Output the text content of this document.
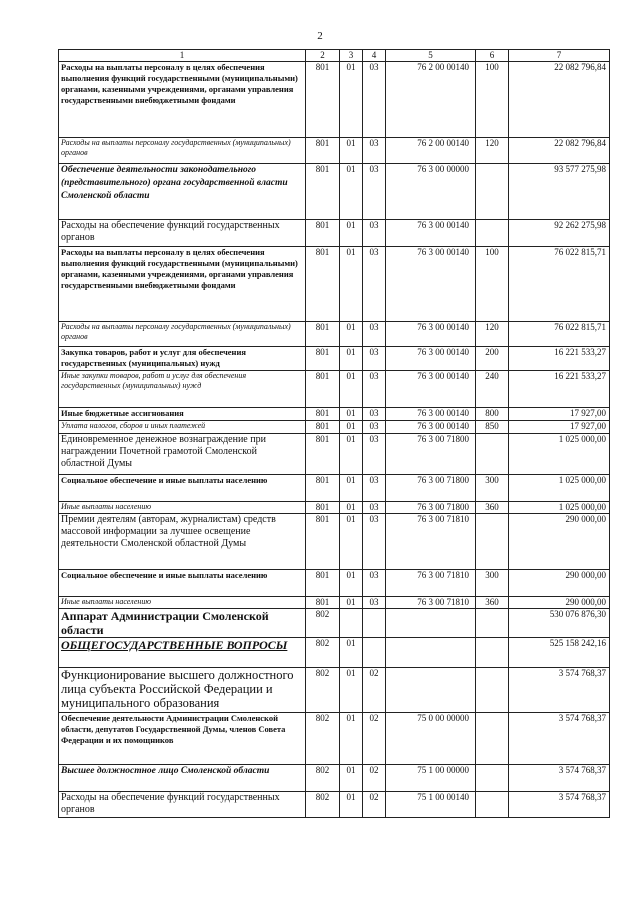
2
1	2	3	4	5	6	7
Расходы на выплаты персоналу в целях обеспечения выполнения функций государственными (муниципальными) органами, казенными учреждениями, органами управления государственными внебюджетными фондами	801	01	03	76 2 00 00140	100	22 082 796,84
Расходы на выплаты персоналу государственных (муниципальных) органов	801	01	03	76 2 00 00140	120	22 082 796,84
Обеспечение деятельности законодательного (представительного) органа государственной власти Смоленской области	801	01	03	76 3 00 00000		93 577 275,98
Расходы на обеспечение функций государственных органов	801	01	03	76 3 00 00140		92 262 275,98
Расходы на выплаты персоналу в целях обеспечения выполнения функций государственными (муниципальными) органами, казенными учреждениями, органами управления государственными внебюджетными фондами	801	01	03	76 3 00 00140	100	76 022 815,71
Расходы на выплаты персоналу государственных (муниципальных) органов	801	01	03	76 3 00 00140	120	76 022 815,71
Закупка товаров, работ и услуг для обеспечения государственных (муниципальных) нужд	801	01	03	76 3 00 00140	200	16 221 533,27
Иные закупки товаров, работ и услуг для обеспечения государственных (муниципальных) нужд	801	01	03	76 3 00 00140	240	16 221 533,27
Иные бюджетные ассигнования	801	01	03	76 3 00 00140	800	17 927,00
Уплата налогов, сборов и иных платежей	801	01	03	76 3 00 00140	850	17 927,00
Единовременное денежное вознаграждение при награждении Почетной грамотой Смоленской областной Думы	801	01	03	76 3 00 71800		1 025 000,00
Социальное обеспечение и иные выплаты населению	801	01	03	76 3 00 71800	300	1 025 000,00
Иные выплаты населению	801	01	03	76 3 00 71800	360	1 025 000,00
Премии деятелям (авторам, журналистам) средств массовой информации за лучшее освещение деятельности Смоленской областной Думы	801	01	03	76 3 00 71810		290 000,00
Социальное обеспечение и иные выплаты населению	801	01	03	76 3 00 71810	300	290 000,00
Иные выплаты населению	801	01	03	76 3 00 71810	360	290 000,00
Аппарат Администрации Смоленской области	802					530 076 876,30
ОБЩЕГОСУДАРСТВЕННЫЕ ВОПРОСЫ	802	01				525 158 242,16
Функционирование высшего должностного лица субъекта Российской Федерации и муниципального образования	802	01	02			3 574 768,37
Обеспечение деятельности Администрации Смоленской области, депутатов Государственной Думы, членов Совета Федерации и их помощников	802	01	02	75 0 00 00000		3 574 768,37
Высшее должностное лицо Смоленской области	802	01	02	75 1 00 00000		3 574 768,37
Расходы на обеспечение функций государственных органов	802	01	02	75 1 00 00140		3 574 768,37
